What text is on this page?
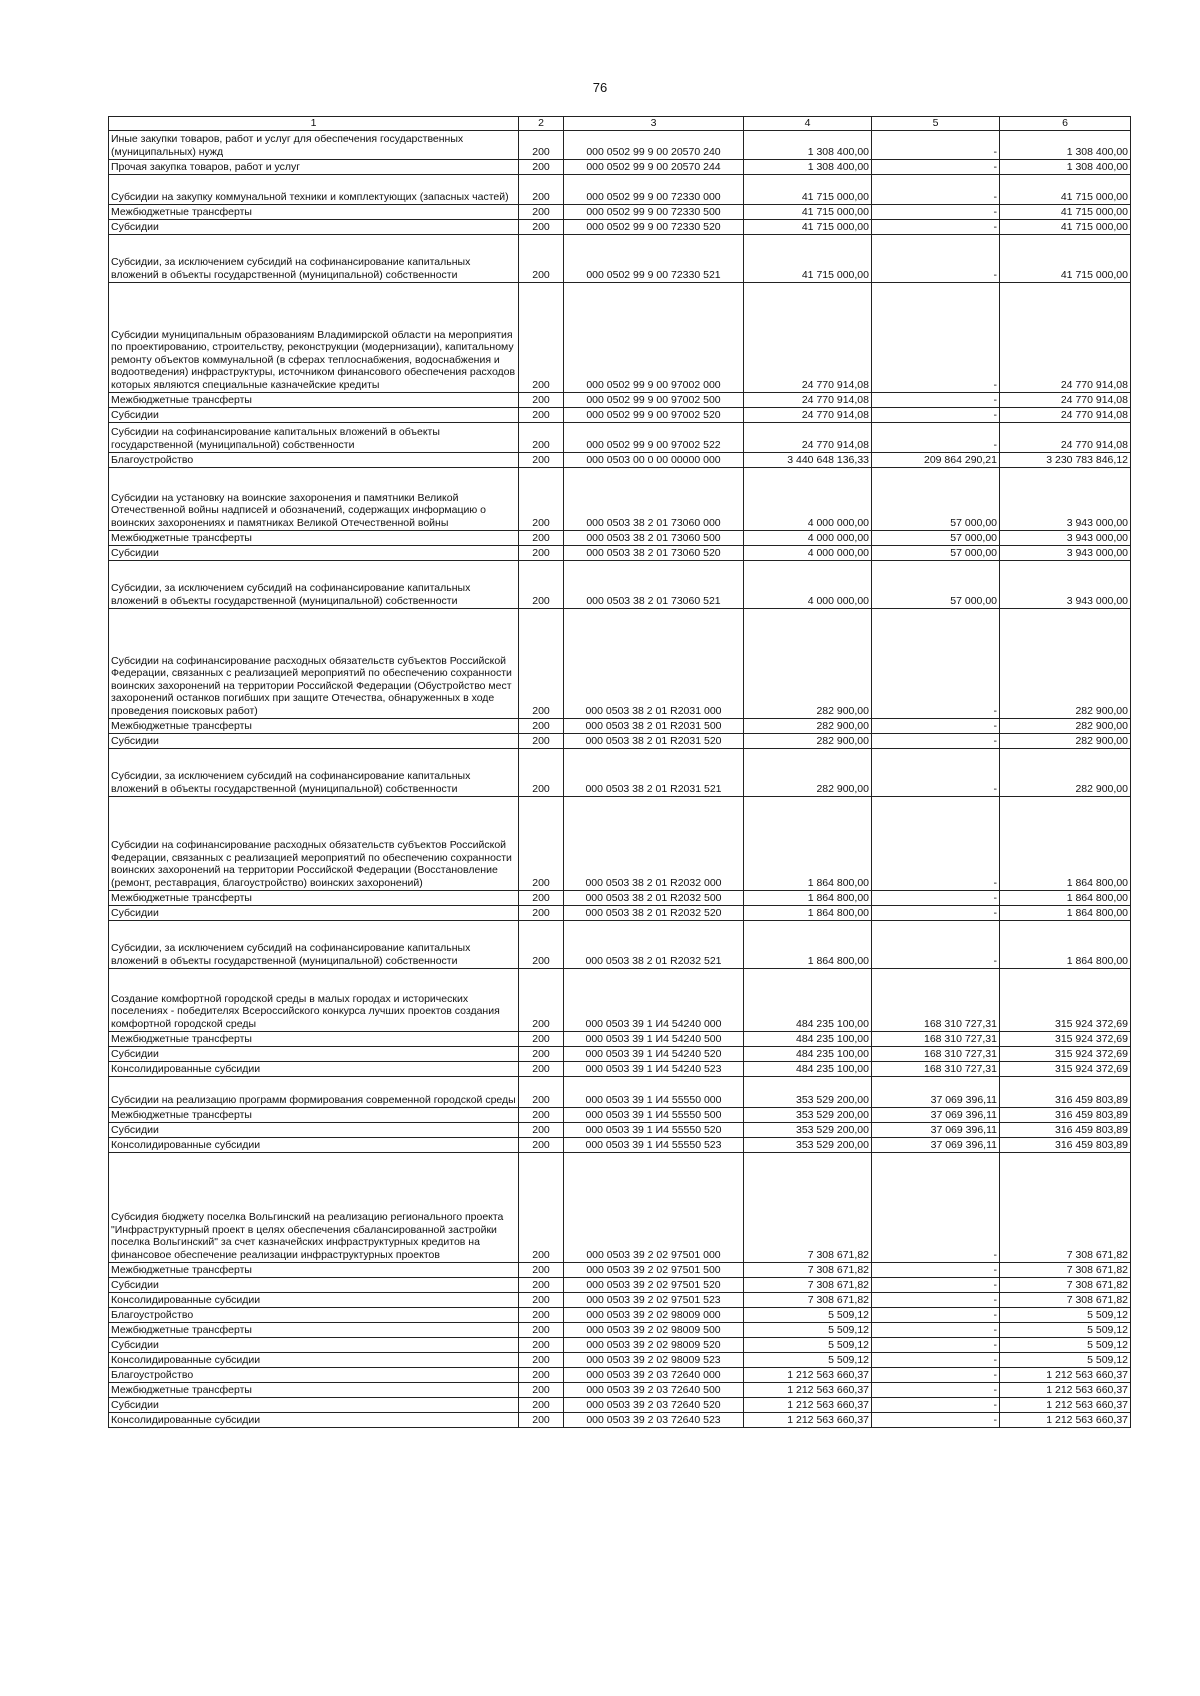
76
1	2	3	4	5	6
Иные закупки товаров, работ и услуг для обеспечения государственных (муниципальных) нужд	200	000 0502 99 9 00 20570 240	1 308 400,00	-	1 308 400,00
Прочая закупка товаров, работ и услуг	200	000 0502 99 9 00 20570 244	1 308 400,00	-	1 308 400,00
Субсидии на закупку коммунальной техники и комплектующих (запасных частей)	200	000 0502 99 9 00 72330 000	41 715 000,00	-	41 715 000,00
Межбюджетные трансферты	200	000 0502 99 9 00 72330 500	41 715 000,00	-	41 715 000,00
Субсидии	200	000 0502 99 9 00 72330 520	41 715 000,00	-	41 715 000,00
Субсидии, за исключением субсидий на софинансирование капитальных вложений в объекты государственной (муниципальной) собственности	200	000 0502 99 9 00 72330 521	41 715 000,00	-	41 715 000,00
Субсидии муниципальным образованиям Владимирской области на мероприятия по проектированию, строительству, реконструкции (модернизации), капитальному ремонту объектов коммунальной (в сферах теплоснабжения, водоснабжения и водоотведения) инфраструктуры, источником финансового обеспечения расходов которых являются специальные казначейские кредиты	200	000 0502 99 9 00 97002 000	24 770 914,08	-	24 770 914,08
Межбюджетные трансферты	200	000 0502 99 9 00 97002 500	24 770 914,08	-	24 770 914,08
Субсидии	200	000 0502 99 9 00 97002 520	24 770 914,08	-	24 770 914,08
Субсидии на софинансирование капитальных вложений в объекты государственной (муниципальной) собственности	200	000 0502 99 9 00 97002 522	24 770 914,08	-	24 770 914,08
Благоустройство	200	000 0503 00 0 00 00000 000	3 440 648 136,33	209 864 290,21	3 230 783 846,12
Субсидии на установку на воинские захоронения и памятники Великой Отечественной войны надписей и обозначений, содержащих информацию о воинских захоронениях и памятниках Великой Отечественной войны	200	000 0503 38 2 01 73060 000	4 000 000,00	57 000,00	3 943 000,00
Межбюджетные трансферты	200	000 0503 38 2 01 73060 500	4 000 000,00	57 000,00	3 943 000,00
Субсидии	200	000 0503 38 2 01 73060 520	4 000 000,00	57 000,00	3 943 000,00
Субсидии, за исключением субсидий на софинансирование капитальных вложений в объекты государственной (муниципальной) собственности	200	000 0503 38 2 01 73060 521	4 000 000,00	57 000,00	3 943 000,00
Субсидии на софинансирование расходных обязательств субъектов Российской Федерации, связанных с реализацией мероприятий по обеспечению сохранности воинских захоронений на территории Российской Федерации (Обустройство мест захоронений останков погибших при защите Отечества, обнаруженных в ходе проведения поисковых работ)	200	000 0503 38 2 01 R2031 000	282 900,00	-	282 900,00
Межбюджетные трансферты	200	000 0503 38 2 01 R2031 500	282 900,00	-	282 900,00
Субсидии	200	000 0503 38 2 01 R2031 520	282 900,00	-	282 900,00
Субсидии, за исключением субсидий на софинансирование капитальных вложений в объекты государственной (муниципальной) собственности	200	000 0503 38 2 01 R2031 521	282 900,00	-	282 900,00
Субсидии на софинансирование расходных обязательств субъектов Российской Федерации, связанных с реализацией мероприятий по обеспечению сохранности воинских захоронений на территории Российской Федерации (Восстановление (ремонт, реставрация, благоустройство) воинских захоронений)	200	000 0503 38 2 01 R2032 000	1 864 800,00	-	1 864 800,00
Межбюджетные трансферты	200	000 0503 38 2 01 R2032 500	1 864 800,00	-	1 864 800,00
Субсидии	200	000 0503 38 2 01 R2032 520	1 864 800,00	-	1 864 800,00
Субсидии, за исключением субсидий на софинансирование капитальных вложений в объекты государственной (муниципальной) собственности	200	000 0503 38 2 01 R2032 521	1 864 800,00	-	1 864 800,00
Создание комфортной городской среды в малых городах и исторических поселениях - победителях Всероссийского конкурса лучших проектов создания комфортной городской среды	200	000 0503 39 1 И4 54240 000	484 235 100,00	168 310 727,31	315 924 372,69
Межбюджетные трансферты	200	000 0503 39 1 И4 54240 500	484 235 100,00	168 310 727,31	315 924 372,69
Субсидии	200	000 0503 39 1 И4 54240 520	484 235 100,00	168 310 727,31	315 924 372,69
Консолидированные субсидии	200	000 0503 39 1 И4 54240 523	484 235 100,00	168 310 727,31	315 924 372,69
Субсидии на реализацию программ формирования современной городской среды	200	000 0503 39 1 И4 55550 000	353 529 200,00	37 069 396,11	316 459 803,89
Межбюджетные трансферты	200	000 0503 39 1 И4 55550 500	353 529 200,00	37 069 396,11	316 459 803,89
Субсидии	200	000 0503 39 1 И4 55550 520	353 529 200,00	37 069 396,11	316 459 803,89
Консолидированные субсидии	200	000 0503 39 1 И4 55550 523	353 529 200,00	37 069 396,11	316 459 803,89
Субсидия бюджету поселка Вольгинский на реализацию регионального проекта "Инфраструктурный проект в целях обеспечения сбалансированной застройки поселка Вольгинский" за счет казначейских инфраструктурных кредитов на финансовое обеспечение реализации инфраструктурных проектов	200	000 0503 39 2 02 97501 000	7 308 671,82	-	7 308 671,82
Межбюджетные трансферты	200	000 0503 39 2 02 97501 500	7 308 671,82	-	7 308 671,82
Субсидии	200	000 0503 39 2 02 97501 520	7 308 671,82	-	7 308 671,82
Консолидированные субсидии	200	000 0503 39 2 02 97501 523	7 308 671,82	-	7 308 671,82
Благоустройство	200	000 0503 39 2 02 98009 000	5 509,12	-	5 509,12
Межбюджетные трансферты	200	000 0503 39 2 02 98009 500	5 509,12	-	5 509,12
Субсидии	200	000 0503 39 2 02 98009 520	5 509,12	-	5 509,12
Консолидированные субсидии	200	000 0503 39 2 02 98009 523	5 509,12	-	5 509,12
Благоустройство	200	000 0503 39 2 03 72640 000	1 212 563 660,37	-	1 212 563 660,37
Межбюджетные трансферты	200	000 0503 39 2 03 72640 500	1 212 563 660,37	-	1 212 563 660,37
Субсидии	200	000 0503 39 2 03 72640 520	1 212 563 660,37	-	1 212 563 660,37
Консолидированные субсидии	200	000 0503 39 2 03 72640 523	1 212 563 660,37	-	1 212 563 660,37
